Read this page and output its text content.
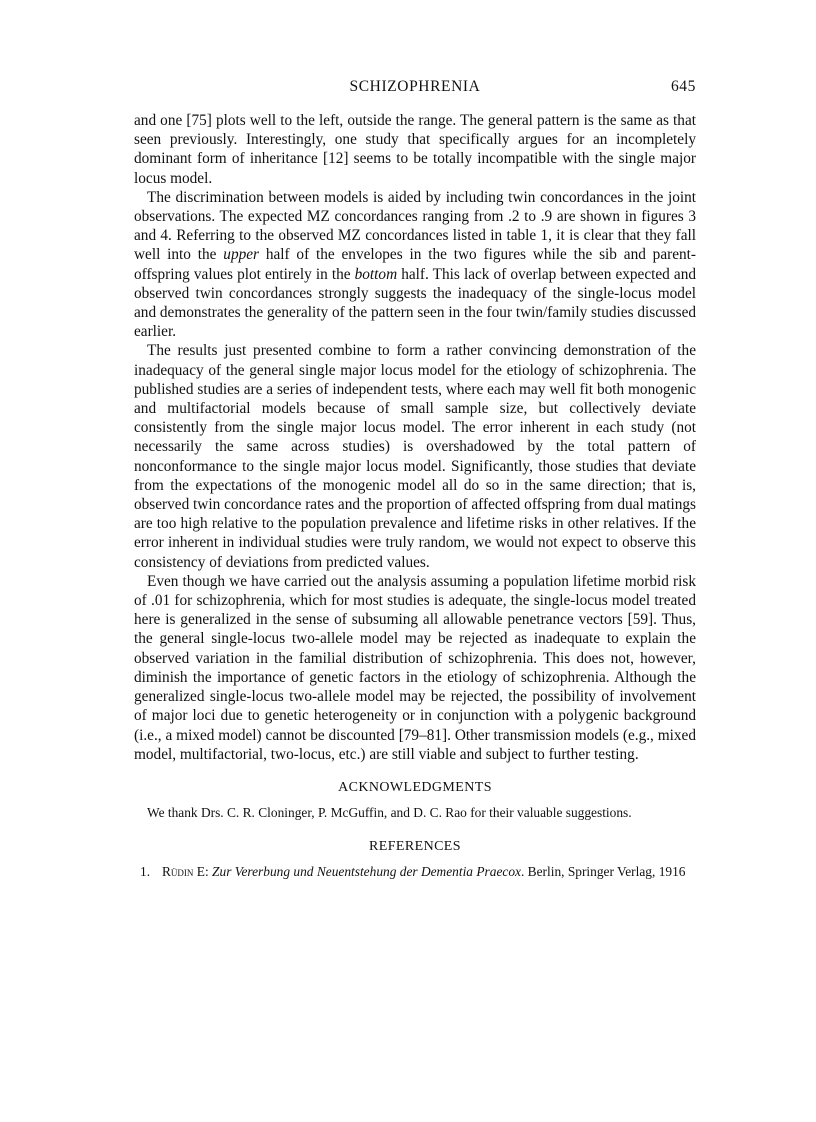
SCHIZOPHRENIA	645

and one [75] plots well to the left, outside the range. The general pattern is the same as that seen previously. Interestingly, one study that specifically argues for an incompletely dominant form of inheritance [12] seems to be totally incompatible with the single major locus model.

The discrimination between models is aided by including twin concordances in the joint observations. The expected MZ concordances ranging from .2 to .9 are shown in figures 3 and 4. Referring to the observed MZ concordances listed in table 1, it is clear that they fall well into the upper half of the envelopes in the two figures while the sib and parent-offspring values plot entirely in the bottom half. This lack of overlap between expected and observed twin concordances strongly suggests the inadequacy of the single-locus model and demonstrates the generality of the pattern seen in the four twin/family studies discussed earlier.

The results just presented combine to form a rather convincing demonstration of the inadequacy of the general single major locus model for the etiology of schizophrenia. The published studies are a series of independent tests, where each may well fit both monogenic and multifactorial models because of small sample size, but collectively deviate consistently from the single major locus model. The error inherent in each study (not necessarily the same across studies) is overshadowed by the total pattern of nonconformance to the single major locus model. Significantly, those studies that deviate from the expectations of the monogenic model all do so in the same direction; that is, observed twin concordance rates and the proportion of affected offspring from dual matings are too high relative to the population prevalence and lifetime risks in other relatives. If the error inherent in individual studies were truly random, we would not expect to observe this consistency of deviations from predicted values.

Even though we have carried out the analysis assuming a population lifetime morbid risk of .01 for schizophrenia, which for most studies is adequate, the single-locus model treated here is generalized in the sense of subsuming all allowable penetrance vectors [59]. Thus, the general single-locus two-allele model may be rejected as inadequate to explain the observed variation in the familial distribution of schizophrenia. This does not, however, diminish the importance of genetic factors in the etiology of schizophrenia. Although the generalized single-locus two-allele model may be rejected, the possibility of involvement of major loci due to genetic heterogeneity or in conjunction with a polygenic background (i.e., a mixed model) cannot be discounted [79–81]. Other transmission models (e.g., mixed model, multifactorial, two-locus, etc.) are still viable and subject to further testing.

ACKNOWLEDGMENTS

We thank Drs. C. R. Cloninger, P. McGuffin, and D. C. Rao for their valuable suggestions.

REFERENCES
1. Rüdin E: Zur Vererbung und Neuentstehung der Dementia Praecox. Berlin, Springer Verlag, 1916
